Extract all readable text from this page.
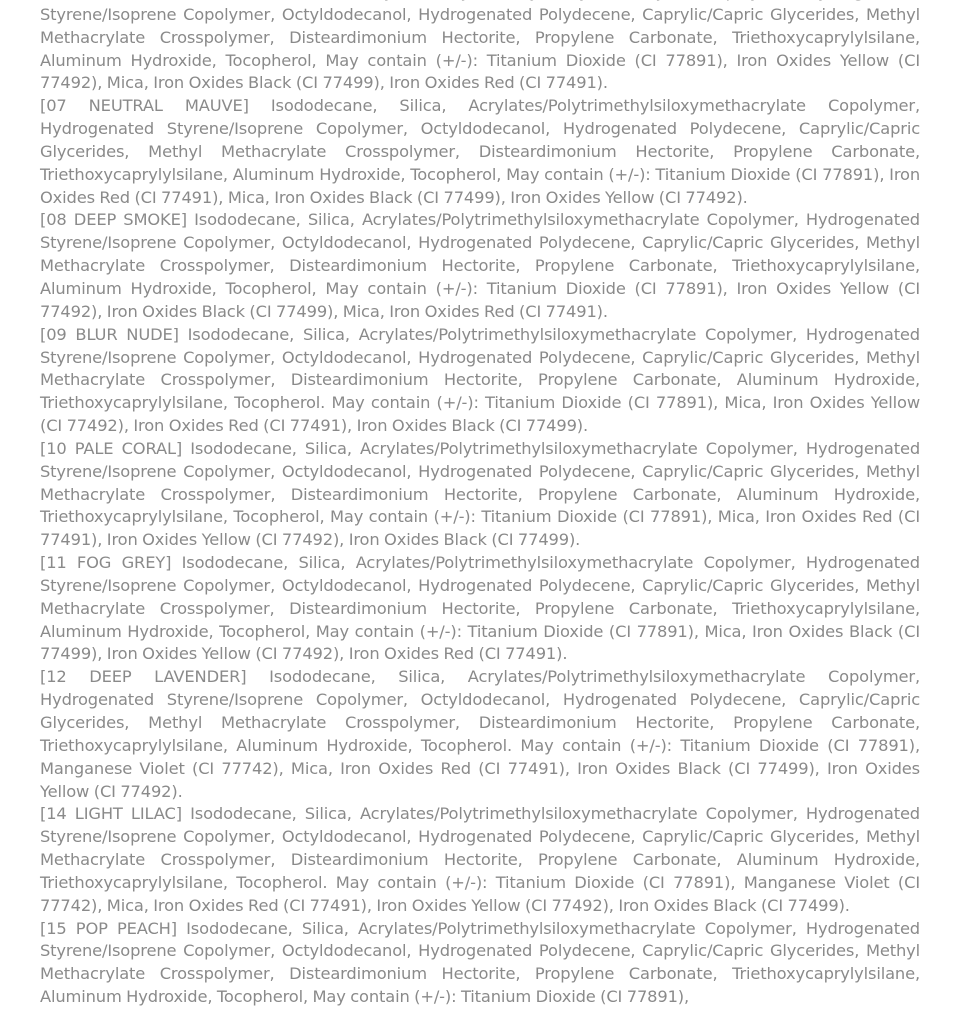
Styrene/Isoprene Copolymer, Octyldodecanol, Hydrogenated Polydecene, Caprylic/Capric Glycerides, Methyl Methacrylate Crosspolymer, Disteardimonium Hectorite, Propylene Carbonate, Triethoxycaprylylsilane, Aluminum Hydroxide, Tocopherol, May contain (+/-): Titanium Dioxide (CI 77891), Iron Oxides Yellow (CI 77492), Mica, Iron Oxides Black (CI 77499), Iron Oxides Red (CI 77491).

[07 NEUTRAL MAUVE] Isododecane, Silica, Acrylates/Polytrimethylsiloxymethacrylate Copolymer, Hydrogenated Styrene/Isoprene Copolymer, Octyldodecanol, Hydrogenated Polydecene, Caprylic/Capric Glycerides, Methyl Methacrylate Crosspolymer, Disteardimonium Hectorite, Propylene Carbonate, Triethoxycaprylylsilane, Aluminum Hydroxide, Tocopherol, May contain (+/-): Titanium Dioxide (CI 77891), Iron Oxides Red (CI 77491), Mica, Iron Oxides Black (CI 77499), Iron Oxides Yellow (CI 77492).

[08 DEEP SMOKE] Isododecane, Silica, Acrylates/Polytrimethylsiloxymethacrylate Copolymer, Hydrogenated Styrene/Isoprene Copolymer, Octyldodecanol, Hydrogenated Polydecene, Caprylic/Capric Glycerides, Methyl Methacrylate Crosspolymer, Disteardimonium Hectorite, Propylene Carbonate, Triethoxycaprylylsilane, Aluminum Hydroxide, Tocopherol, May contain (+/-): Titanium Dioxide (CI 77891), Iron Oxides Yellow (CI 77492), Iron Oxides Black (CI 77499), Mica, Iron Oxides Red (CI 77491).

[09 BLUR NUDE] Isododecane, Silica, Acrylates/Polytrimethylsiloxymethacrylate Copolymer, Hydrogenated Styrene/Isoprene Copolymer, Octyldodecanol, Hydrogenated Polydecene, Caprylic/Capric Glycerides, Methyl Methacrylate Crosspolymer, Disteardimonium Hectorite, Propylene Carbonate, Aluminum Hydroxide, Triethoxycaprylylsilane, Tocopherol. May contain (+/-): Titanium Dioxide (CI 77891), Mica, Iron Oxides Yellow (CI 77492), Iron Oxides Red (CI 77491), Iron Oxides Black (CI 77499).

[10 PALE CORAL] Isododecane, Silica, Acrylates/Polytrimethylsiloxymethacrylate Copolymer, Hydrogenated Styrene/Isoprene Copolymer, Octyldodecanol, Hydrogenated Polydecene, Caprylic/Capric Glycerides, Methyl Methacrylate Crosspolymer, Disteardimonium Hectorite, Propylene Carbonate, Aluminum Hydroxide, Triethoxycaprylylsilane, Tocopherol, May contain (+/-): Titanium Dioxide (CI 77891), Mica, Iron Oxides Red (CI 77491), Iron Oxides Yellow (CI 77492), Iron Oxides Black (CI 77499).

[11 FOG GREY] Isododecane, Silica, Acrylates/Polytrimethylsiloxymethacrylate Copolymer, Hydrogenated Styrene/Isoprene Copolymer, Octyldodecanol, Hydrogenated Polydecene, Caprylic/Capric Glycerides, Methyl Methacrylate Crosspolymer, Disteardimonium Hectorite, Propylene Carbonate, Triethoxycaprylylsilane, Aluminum Hydroxide, Tocopherol, May contain (+/-): Titanium Dioxide (CI 77891), Mica, Iron Oxides Black (CI 77499), Iron Oxides Yellow (CI 77492), Iron Oxides Red (CI 77491).

[12 DEEP LAVENDER] Isododecane, Silica, Acrylates/Polytrimethylsiloxymethacrylate Copolymer, Hydrogenated Styrene/Isoprene Copolymer, Octyldodecanol, Hydrogenated Polydecene, Caprylic/Capric Glycerides, Methyl Methacrylate Crosspolymer, Disteardimonium Hectorite, Propylene Carbonate, Triethoxycaprylylsilane, Aluminum Hydroxide, Tocopherol. May contain (+/-): Titanium Dioxide (CI 77891), Manganese Violet (CI 77742), Mica, Iron Oxides Red (CI 77491), Iron Oxides Black (CI 77499), Iron Oxides Yellow (CI 77492).

[14 LIGHT LILAC] Isododecane, Silica, Acrylates/Polytrimethylsiloxymethacrylate Copolymer, Hydrogenated Styrene/Isoprene Copolymer, Octyldodecanol, Hydrogenated Polydecene, Caprylic/Capric Glycerides, Methyl Methacrylate Crosspolymer, Disteardimonium Hectorite, Propylene Carbonate, Aluminum Hydroxide, Triethoxycaprylylsilane, Tocopherol. May contain (+/-): Titanium Dioxide (CI 77891), Manganese Violet (CI 77742), Mica, Iron Oxides Red (CI 77491), Iron Oxides Yellow (CI 77492), Iron Oxides Black (CI 77499).

[15 POP PEACH] Isododecane, Silica, Acrylates/Polytrimethylsiloxymethacrylate Copolymer, Hydrogenated Styrene/Isoprene Copolymer, Octyldodecanol, Hydrogenated Polydecene, Caprylic/Capric Glycerides, Methyl Methacrylate Crosspolymer, Disteardimonium Hectorite, Propylene Carbonate, Triethoxycaprylylsilane, Aluminum Hydroxide, Tocopherol, May contain (+/-): Titanium Dioxide (CI 77891),
